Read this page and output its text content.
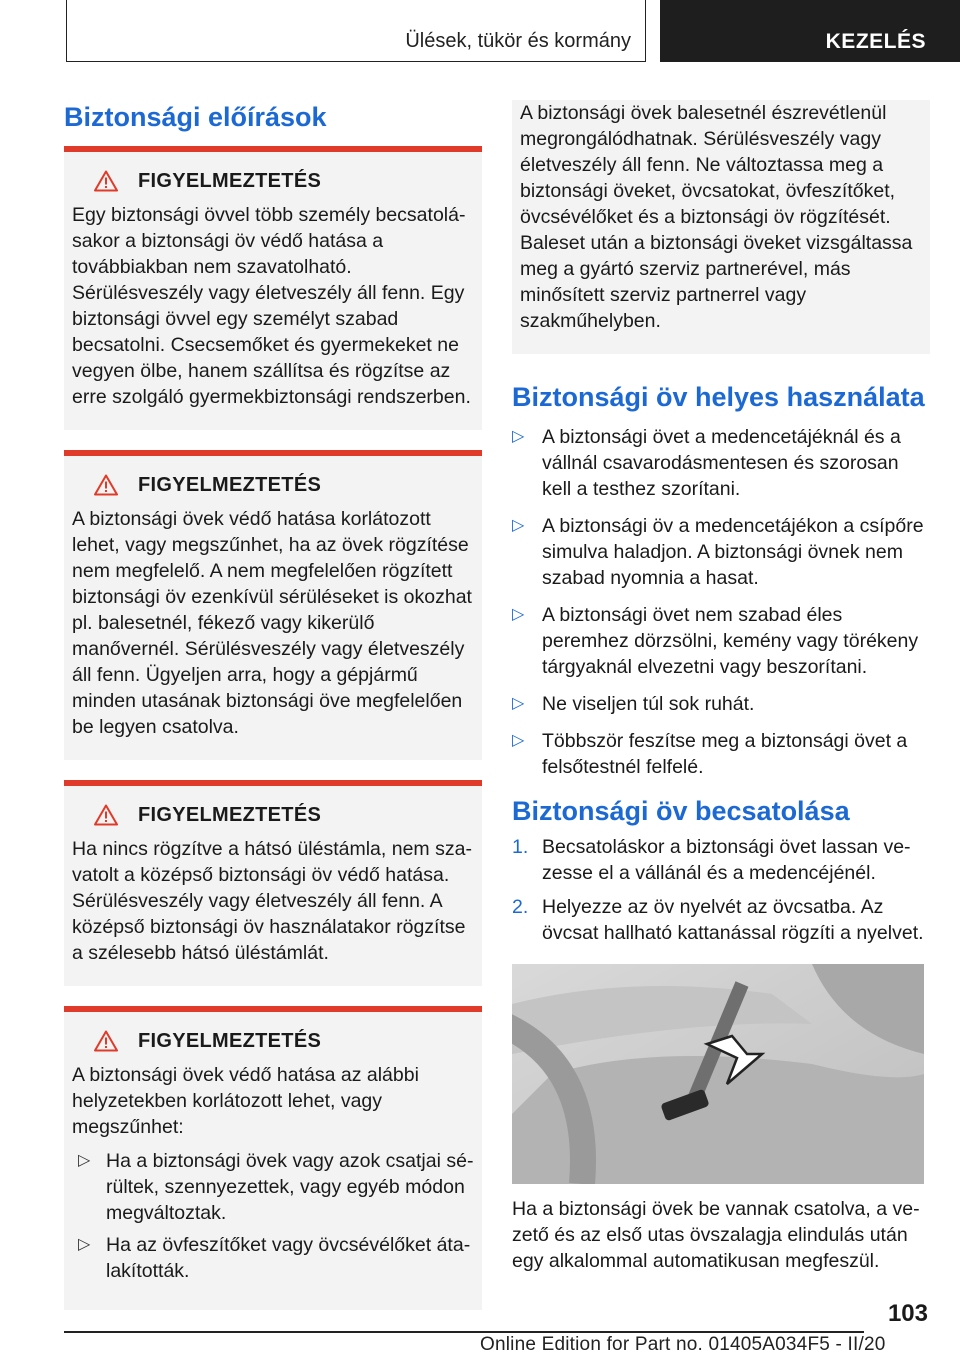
Ülések, tükör és kormány	KEZELÉS
Biztonsági előírások
FIGYELMEZTETÉS
Egy biztonsági övvel több személy becsatolásakor a biztonsági öv védő hatása a továbbiakban nem szavatolható. Sérülésveszély vagy életveszély áll fenn. Egy biztonsági övvel egy személyt szabad becsatolni. Csecsemőket és gyermekeket ne vegyen ölbe, hanem szállítsa és rögzítse az erre szolgáló gyermekbiztonsági rendszerben.
FIGYELMEZTETÉS
A biztonsági övek védő hatása korlátozott lehet, vagy megszűnhet, ha az övek rögzítése nem megfelelő. A nem megfelelően rögzített biztonsági öv ezenkívül sérüléseket is okozhat pl. balesetnél, fékező vagy kikerülő manővernél. Sérülésveszély vagy életveszély áll fenn. Ügyeljen arra, hogy a gépjármű minden utasának biztonsági öve megfelelően be legyen csatolva.
FIGYELMEZTETÉS
Ha nincs rögzítve a hátsó üléstámla, nem szavatolt a középső biztonsági öv védő hatása. Sérülésveszély vagy életveszély áll fenn. A középső biztonsági öv használatakor rögzítse a szélesebb hátsó üléstámlát.
FIGYELMEZTETÉS
A biztonsági övek védő hatása az alábbi helyzetekben korlátozott lehet, vagy megszűnhet:
▷ Ha a biztonsági övek vagy azok csatjai sérültek, szennyezettek, vagy egyéb módon megváltoztak.
▷ Ha az övfeszítőket vagy övcsévélőket átalakították.
A biztonsági övek balesetnél észrevétlenül megrongálódhatnak. Sérülésveszély vagy életveszély áll fenn. Ne változtassa meg a biztonsági öveket, övcsatokat, övfeszítőket, övcsévélőket és a biztonsági öv rögzítését. Baleset után a biztonsági öveket vizsgáltassa meg a gyártó szerviz partnerével, más minősített szerviz partnerrel vagy szakműhelyben.
Biztonsági öv helyes használata
▷ A biztonsági övet a medencetájéknál és a vállnál csavarodásmentesen és szorosan kell a testhez szorítani.
▷ A biztonsági öv a medencetájékon a csípőre simulva haladjon. A biztonsági övnek nem szabad nyomnia a hasat.
▷ A biztonsági övet nem szabad éles peremhez dörzsölni, kemény vagy törékeny tárgyaknál elvezetni vagy beszorítani.
▷ Ne viseljen túl sok ruhát.
▷ Többször feszítse meg a biztonsági övet a felsőtestnél felfelé.
Biztonsági öv becsatolása
1. Becsatoláskor a biztonsági övet lassan vezesse el a vállánál és a medencéjénél.
2. Helyezze az öv nyelvét az övcsatba. Az övcsat hallható kattanással rögzíti a nyelvet.
Ha a biztonsági övek be vannak csatolva, a vezető és az első utas övszalagja elindulás után egy alkalommal automatikusan megfeszül.
103
Online Edition for Part no. 01405A034F5 - II/20
